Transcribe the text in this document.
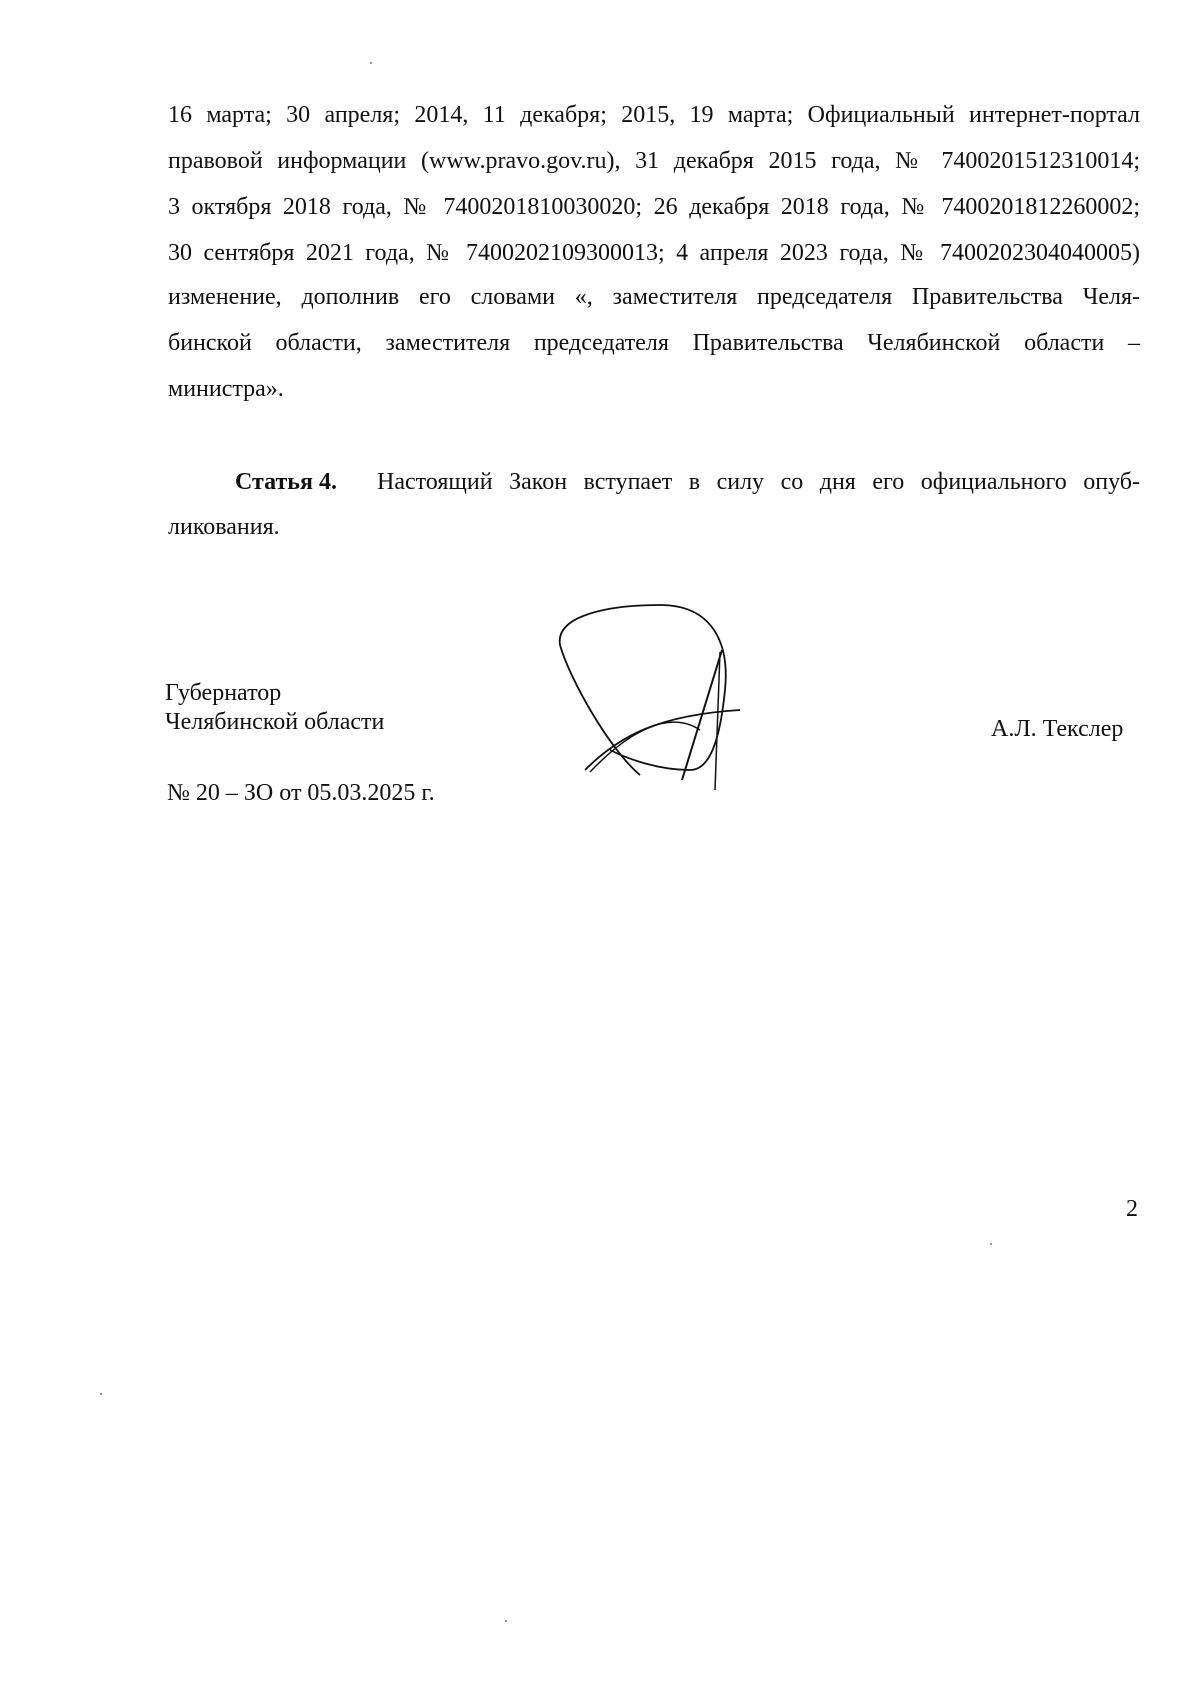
16 марта; 30 апреля; 2014, 11 декабря; 2015, 19 марта; Официальный интернет-портал
правовой информации (www.pravo.gov.ru), 31 декабря 2015 года, № 7400201512310014;
3 октября 2018 года, № 7400201810030020; 26 декабря 2018 года, № 7400201812260002;
30 сентября 2021 года, № 7400202109300013; 4 апреля 2023 года, № 7400202304040005)
изменение, дополнив его словами «, заместителя председателя Правительства Челя-
бинской области, заместителя председателя Правительства Челябинской области –
министра».
Статья 4. Настоящий Закон вступает в силу со дня его официального опуб-
ликования.
Губернатор
Челябинской области	А.Л. Текслер
№ 20 – ЗО от 05.03.2025 г.
2
